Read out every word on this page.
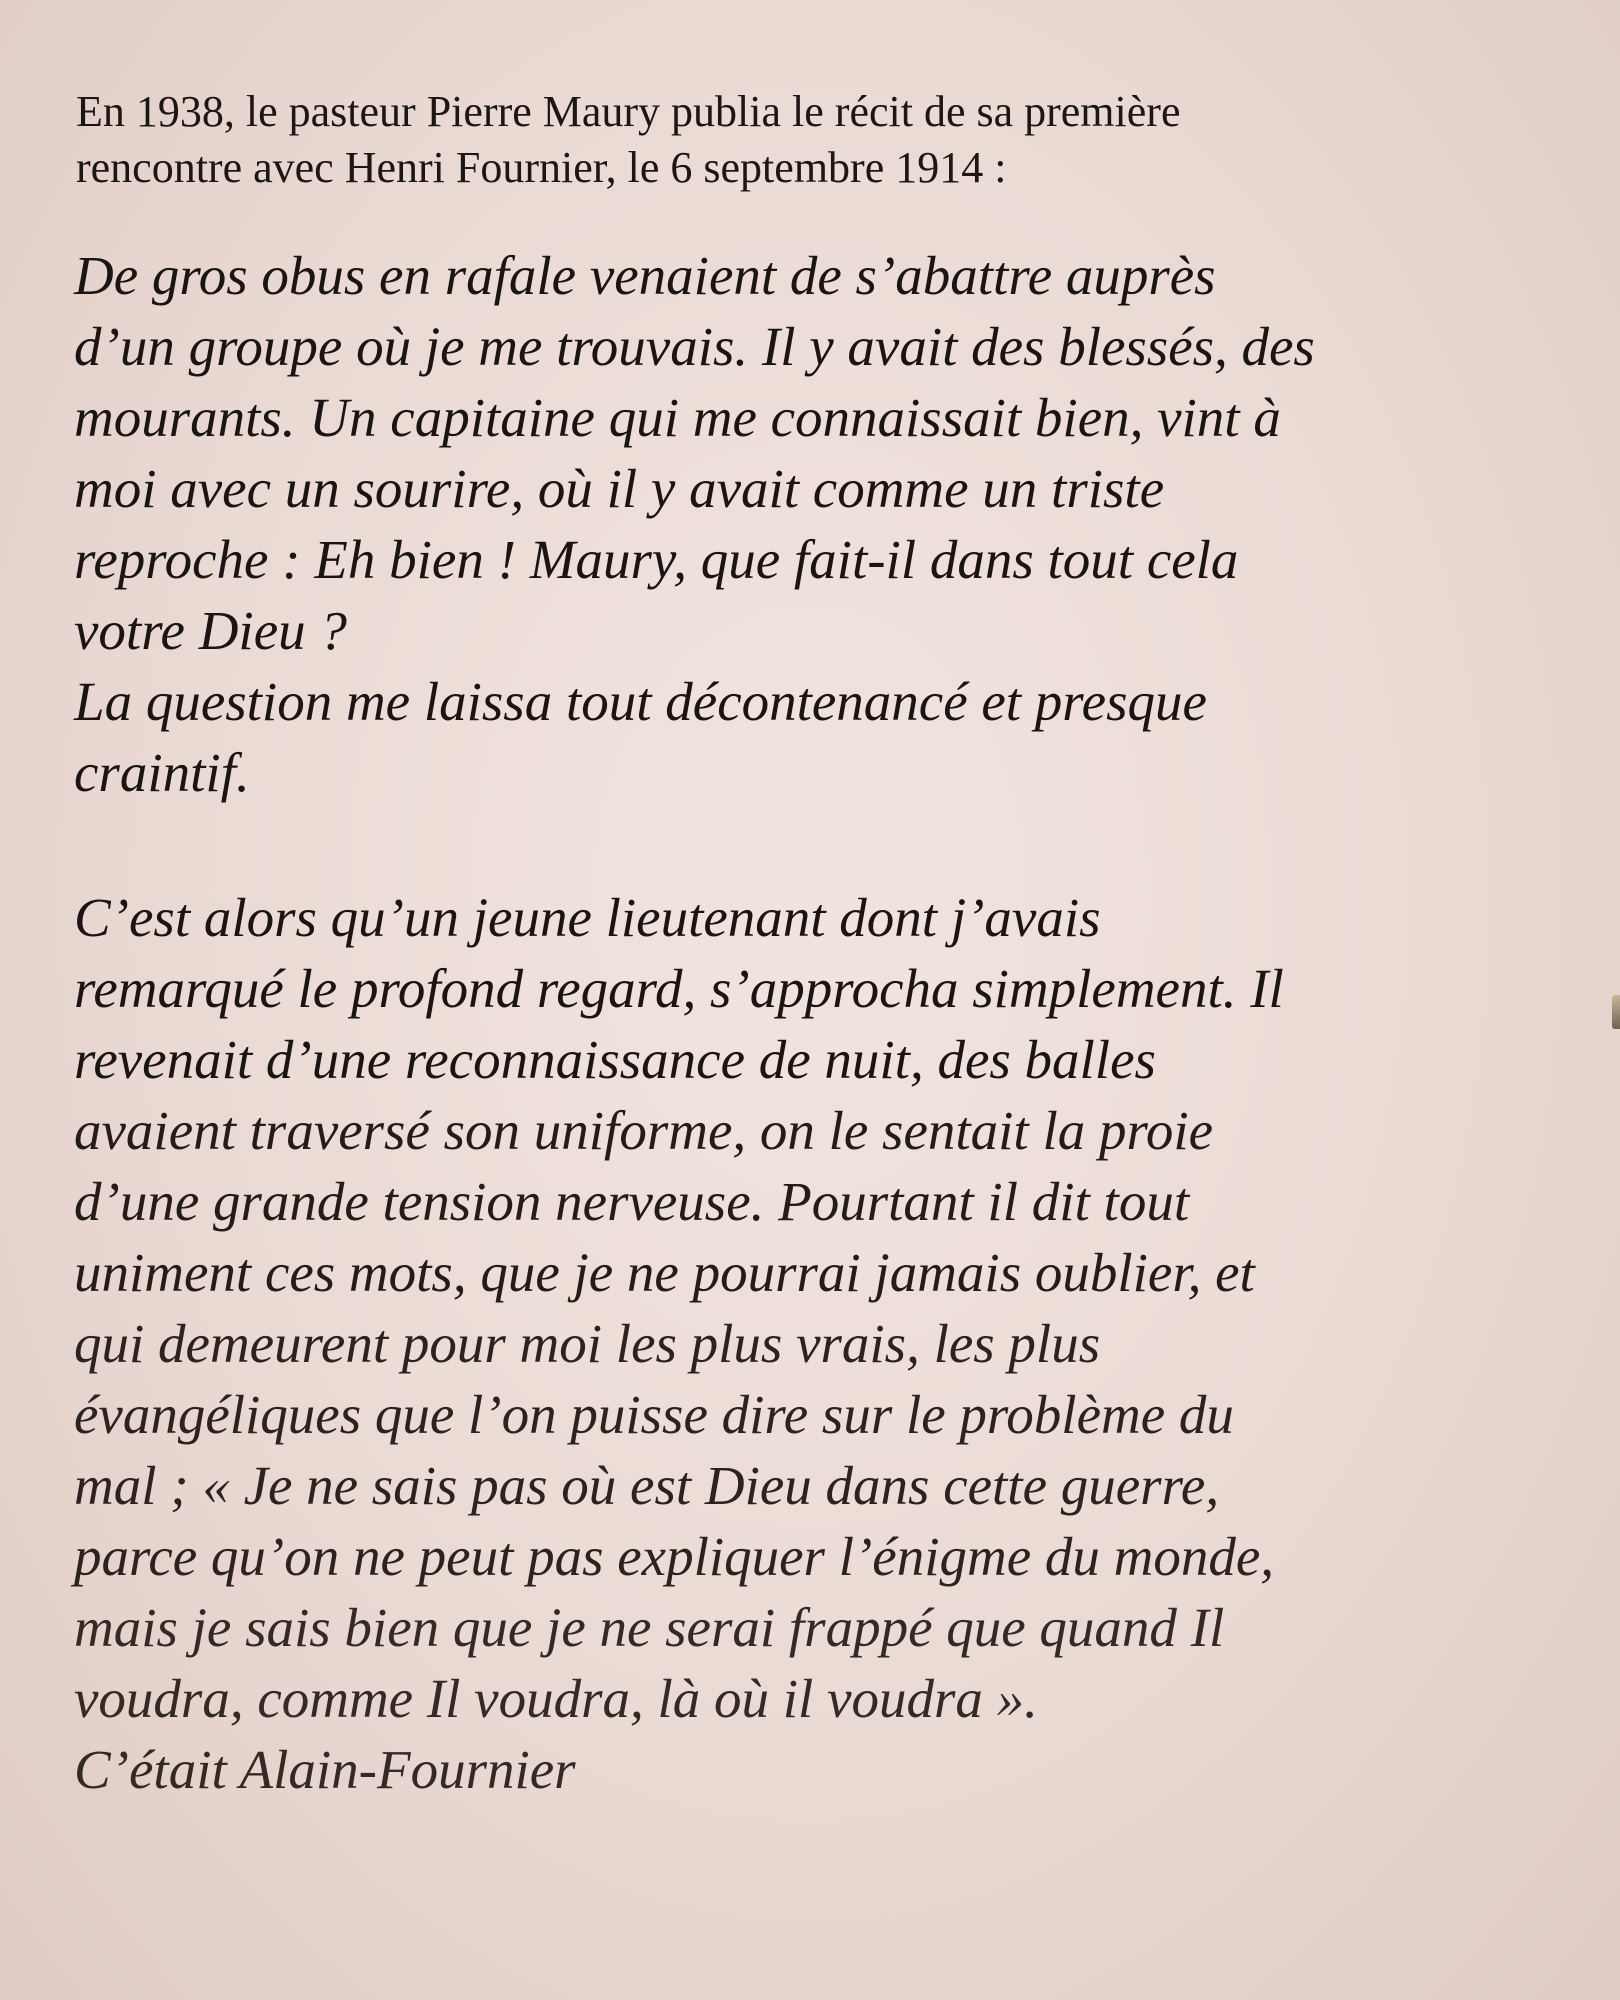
En 1938, le pasteur Pierre Maury publia le récit de sa première
rencontre avec Henri Fournier, le 6 septembre 1914 :

De gros obus en rafale venaient de s’abattre auprès
d’un groupe où je me trouvais. Il y avait des blessés, des
mourants. Un capitaine qui me connaissait bien, vint à
moi avec un sourire, où il y avait comme un triste
reproche : Eh bien ! Maury, que fait-il dans tout cela
votre Dieu ?
La question me laissa tout décontenancé et presque
craintif.

C’est alors qu’un jeune lieutenant dont j’avais
remarqué le profond regard, s’approcha simplement. Il
revenait d’une reconnaissance de nuit, des balles
avaient traversé son uniforme, on le sentait la proie
d’une grande tension nerveuse. Pourtant il dit tout
uniment ces mots, que je ne pourrai jamais oublier, et
qui demeurent pour moi les plus vrais, les plus
évangéliques que l’on puisse dire sur le problème du
mal ; « Je ne sais pas où est Dieu dans cette guerre,
parce qu’on ne peut pas expliquer l’énigme du monde,
mais je sais bien que je ne serai frappé que quand Il
voudra, comme Il voudra, là où il voudra ».
C’était Alain-Fournier
